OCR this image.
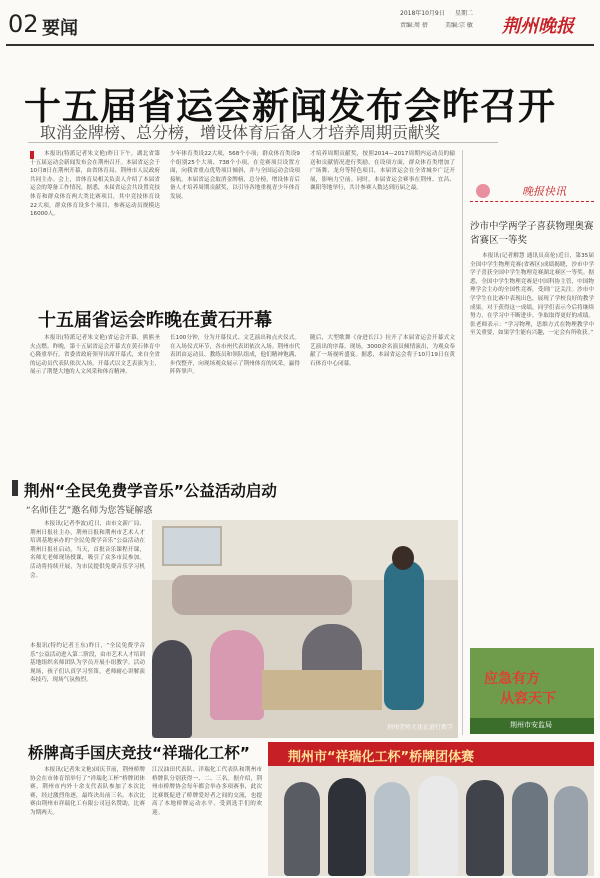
02 要闻
2018年10月9日	星期二
责编:周 蓓	美编:宗 敏	荆州晚报
十五届省运会新闻发布会昨召开
取消金牌榜、总分榜，增设体育后备人才培养周期贡献奖
本报讯(特派记者朱文艳)昨日下午，湖北省第十五届运动会新闻发布会在荆州召开。本届省运会于10月8日在荆州开幕，由省体育局、荆州市人民政府共同主办。会上，省体育局相关负责人介绍了本届省运会的筹备工作情况。据悉，本届省运会共设置竞技体育和群众体育两大类比赛项目，其中竞技体育设22大项，群众体育设多个项目，参赛运动员规模达16000人。
少年体育类设22大项，568个小项；群众体育类设9个组别25个大项、738个小项。在竞赛项目设置方面，向我省重点优势项目倾斜，并与全国运动会设项接轨。本届省运会取消金牌榜、总分榜，增设体育后备人才培养周期贡献奖，以引导各地重视青少年体育发展。
才培养周期贡献奖，按照2014—2017周期内运动员的输送和贡献情况进行奖励。在设项方面，群众体育类增加了广场舞、龙舟等特色项目，本届省运会在全省城乡广泛开展，影响力空前。同时，本届省运会赛事在荆州、宜昌、襄阳等地举行，共计参赛人数达到历届之最。
十五届省运会昨晚在黄石开幕
本报讯(特派记者朱文艳)省运会开幕，熊熊圣火点燃。昨晚，第十五届省运会开幕式在黄石体育中心隆重举行。省委省政府领导出席开幕式，来自全省的运动员代表队依次入场。开幕式以文艺表演为主，展示了荆楚大地的人文风采和体育精神。
长100分钟，分为开幕仪式、文艺演出和点火仪式。在入场仪式环节，各市州代表团依次入场。荆州市代表团由运动员、教练员和领队组成，他们精神饱满、步伐整齐，向现场观众展示了荆州体育的风采，赢得阵阵掌声。
随后，大型歌舞《奋进长江》拉开了本届省运会开幕式文艺演出的序幕。现场，3000余名演员倾情演出，为观众奉献了一场视听盛宴。据悉，本届省运会将于10月19日在黄石体育中心闭幕。
荆州“全民免费学音乐”公益活动启动
“名师佳艺”邀名师为您答疑解惑
本报讯(记者李波)近日，由市文新广局、荆州日报社主办，荆州日报和荆州市艺术人才培训基地承办的“全民免费学音乐”公益活动在荆州日报社启动。当天，首批音乐课程开课，名师尤老师现场授课，吸引了众多市民参加。活动将持续开展，为市民提供免费音乐学习机会。
本报讯(特约记者王东)昨日，“全民免费学音乐”公益活动进入第二阶段，由市艺术人才培训基地组织名师团队为学员开展小组教学。活动现场，孩子们认真学习竖笛，老师耐心讲解演奏技巧，现场气氛热烈。
荆州老师尤优在进行教学
桥牌高手国庆竞技“祥瑞化工杯”
本报讯(记者朱文艳)国庆节前，荆州桥牌协会在市体育馆举行了“祥瑞化工杯”桥牌团体赛。荆州市内外十余支代表队参加了本次比赛，经过激烈角逐，最终决出前三名。本次比赛由荆州市祥瑞化工有限公司冠名赞助，比赛为期两天。
江汉油田代表队、洋瑞化工代表队和荆州市桥牌队分别获得一、二、三名。据介绍，荆州市桥牌协会每年都会举办多项赛事，此次比赛既促进了桥牌爱好者之间的交流，也提高了本地桥牌运动水平，受到选手们的欢迎。
荆州市“祥瑞化工杯”桥牌团体赛
晚报快讯
沙市中学两学子喜获物理奥赛省赛区一等奖
本报讯(记者解慧 通讯员高伦)近日，第35届全国中学生物理竞赛(省赛区)成绩揭晓，沙市中学学子喜获全国中学生物理竞赛湖北赛区一等奖。据悉，全国中学生物理竞赛是中国科协主管、中国物理学会主办的全国性竞赛，受到广泛关注。沙市中学学生在比赛中表现出色，展现了学校良好的教学成果。对于获得这一成绩，同学们表示今后将继续努力，在学习中不断进步，争取取得更好的成绩。张老师表示：“学习物理，思维方式在物理教学中至关重要，如果学生能有兴趣，一定会有所收获。”
应急有方
从容天下
荆州市安监局
